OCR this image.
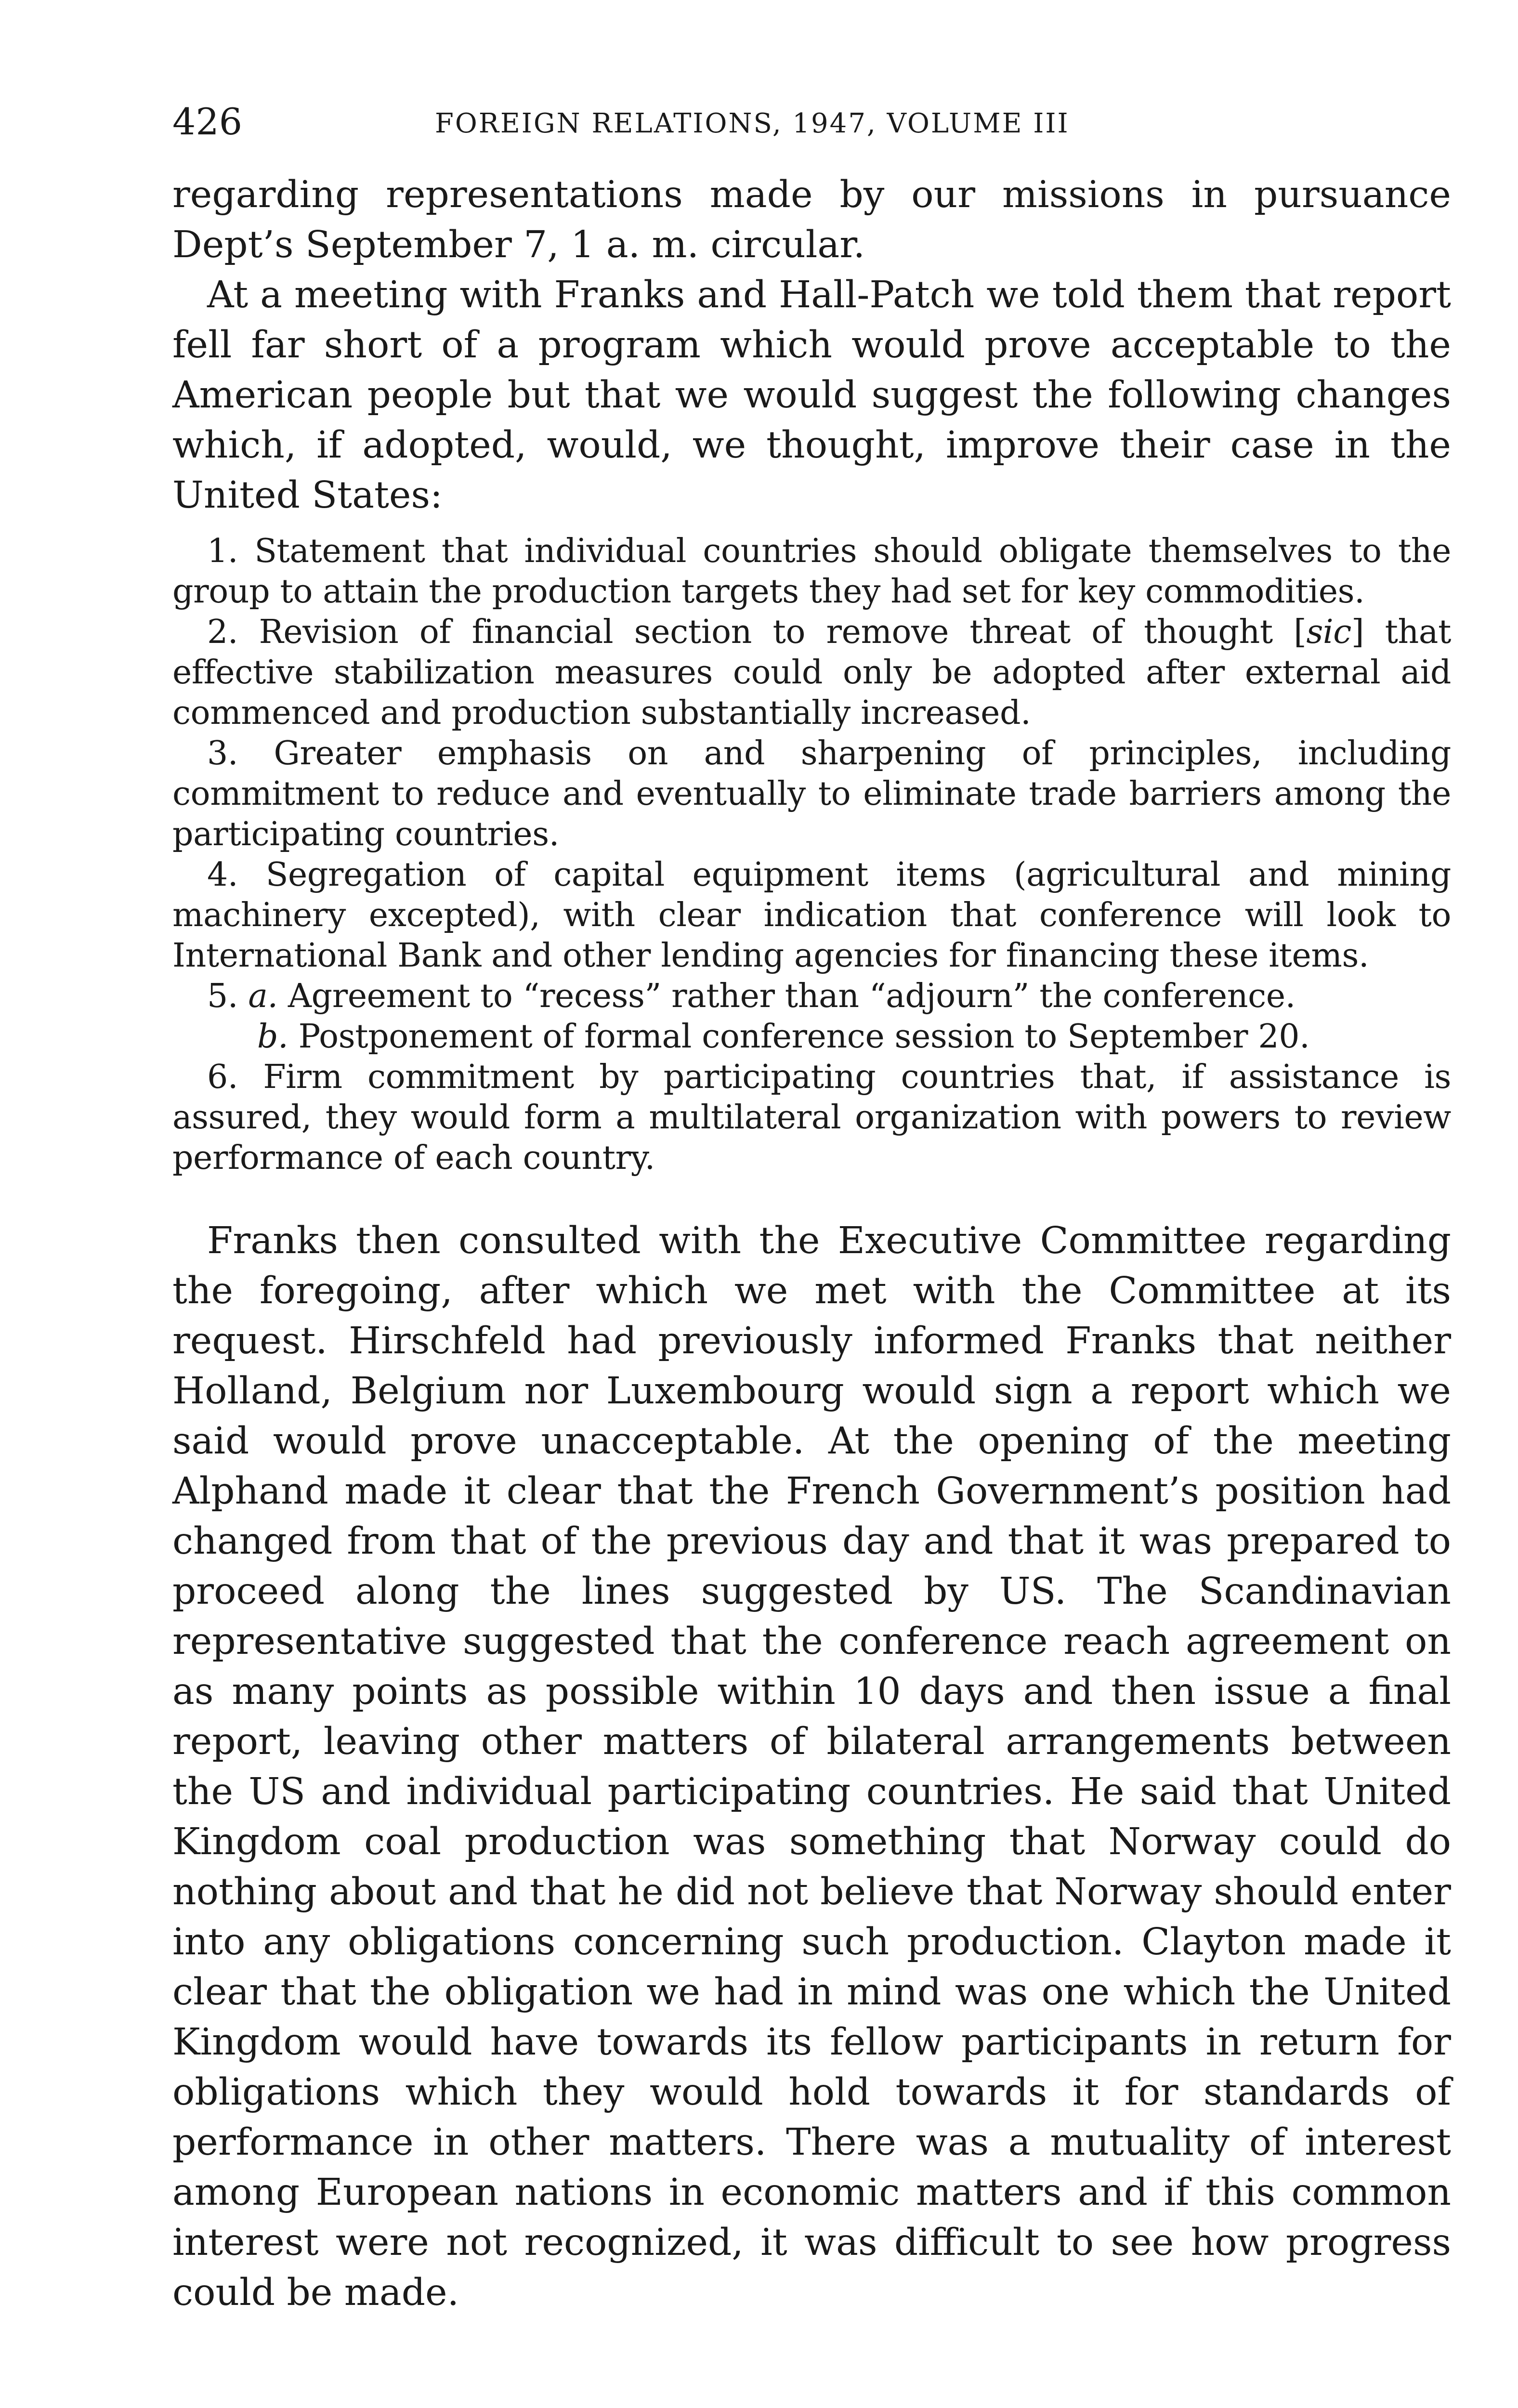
426	FOREIGN RELATIONS, 1947, VOLUME III

regarding representations made by our missions in pursuance Dept’s September 7, 1 a. m. circular.

At a meeting with Franks and Hall-Patch we told them that report fell far short of a program which would prove acceptable to the American people but that we would suggest the following changes which, if adopted, would, we thought, improve their case in the United States:

1. Statement that individual countries should obligate themselves to the group to attain the production targets they had set for key commodities.

2. Revision of financial section to remove threat of thought [sic] that effective stabilization measures could only be adopted after external aid commenced and production substantially increased.

3. Greater emphasis on and sharpening of principles, including commitment to reduce and eventually to eliminate trade barriers among the participating countries.

4. Segregation of capital equipment items (agricultural and mining machinery excepted), with clear indication that conference will look to International Bank and other lending agencies for financing these items.

5. a. Agreement to “recess” rather than “adjourn” the conference.

b. Postponement of formal conference session to September 20.

6. Firm commitment by participating countries that, if assistance is assured, they would form a multilateral organization with powers to review performance of each country.

Franks then consulted with the Executive Committee regarding the foregoing, after which we met with the Committee at its request. Hirschfeld had previously informed Franks that neither Holland, Belgium nor Luxembourg would sign a report which we said would prove unacceptable. At the opening of the meeting Alphand made it clear that the French Government’s position had changed from that of the previous day and that it was prepared to proceed along the lines suggested by US. The Scandinavian representative suggested that the conference reach agreement on as many points as possible within 10 days and then issue a final report, leaving other matters of bilateral arrangements between the US and individual participating countries. He said that United Kingdom coal production was something that Norway could do nothing about and that he did not believe that Norway should enter into any obligations concerning such production. Clayton made it clear that the obligation we had in mind was one which the United Kingdom would have towards its fellow participants in return for obligations which they would hold towards it for standards of performance in other matters. There was a mutuality of interest among European nations in economic matters and if this common interest were not recognized, it was difficult to see how progress could be made.
